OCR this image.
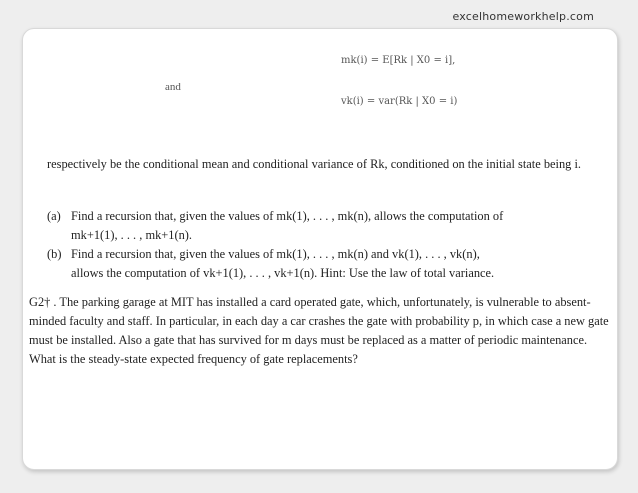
excelhomeworkhelp.com
mk(i) = E[Rk | X0 = i],
and
vk(i) = var(Rk | X0 = i)

respectively be the conditional mean and conditional variance of Rk, conditioned on the initial state being i.

(a) Find a recursion that, given the values of mk(1), . . . , mk(n), allows the computation of
mk+1(1), . . . , mk+1(n).
(b) Find a recursion that, given the values of mk(1), . . . , mk(n) and vk(1), . . . , vk(n),
allows the computation of vk+1(1), . . . , vk+1(n). Hint: Use the law of total variance.

G2† . The parking garage at MIT has installed a card operated gate, which, unfortunately, is vulnerable to absent-minded faculty and staff. In particular, in each day a car crashes the gate with probability p, in which case a new gate must be installed. Also a gate that has survived for m days must be replaced as a matter of periodic maintenance. What is the steady-state expected frequency of gate replacements?
